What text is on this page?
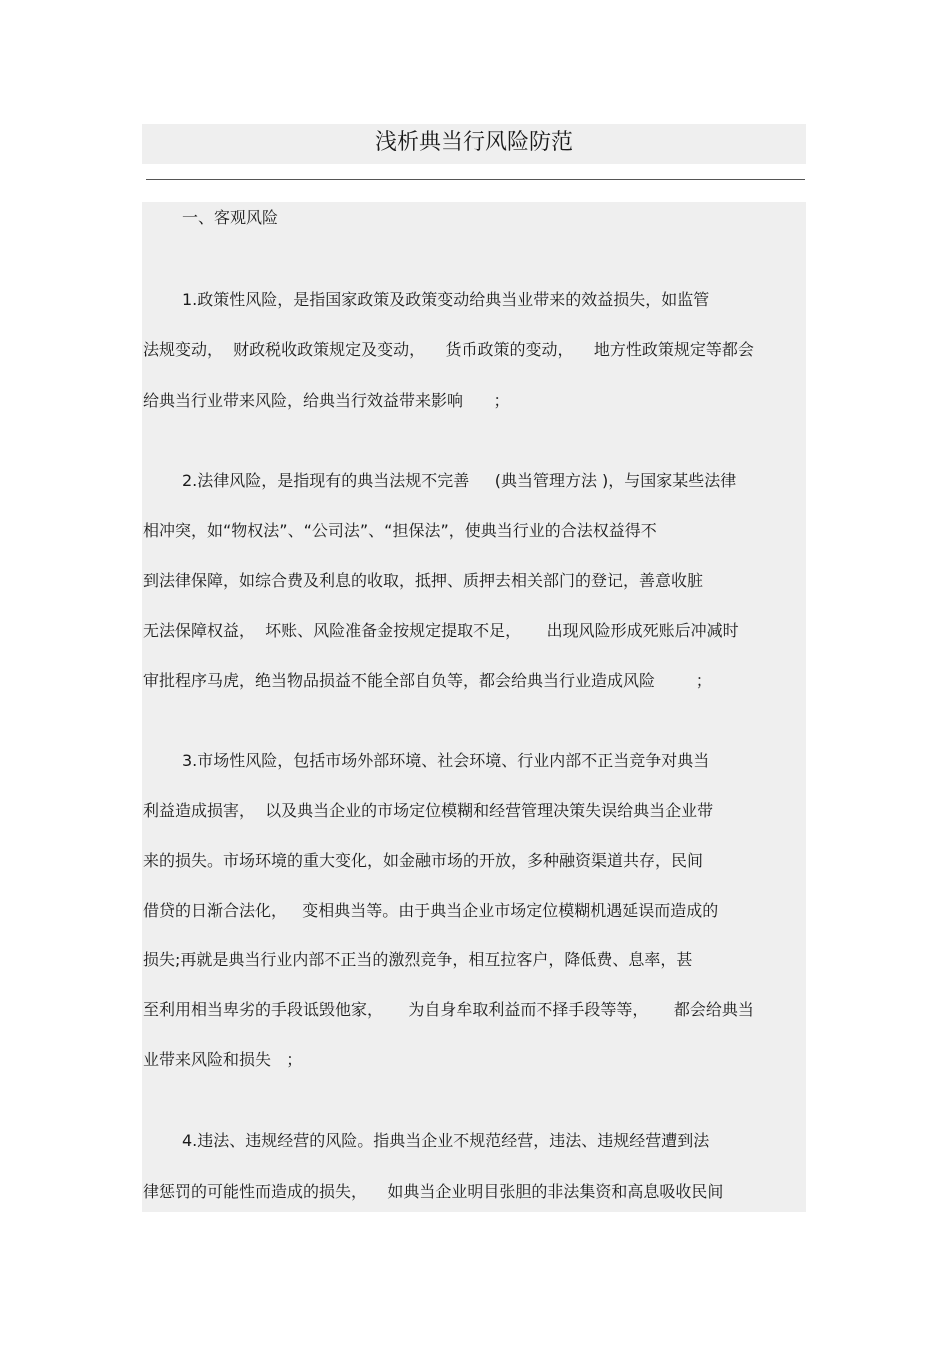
浅析典当行风险防范
一、客观风险
1.政策性风险，是指国家政策及政策变动给典当业带来的效益损失，如监管
法规变动，  财政税收政策规定及变动，    货币政策的变动，    地方性政策规定等都会
给典当行业带来风险，给典当行效益带来影响      ；
2.法律风险，是指现有的典当法规不完善     (典当管理方法 )，与国家某些法律
相冲突，如“物权法”、“公司法”、“担保法”，使典当行业的合法权益得不
到法律保障，如综合费及利息的收取，抵押、质押去相关部门的登记，善意收脏
无法保障权益，  坏账、风险准备金按规定提取不足，     出现风险形成死账后冲减时
审批程序马虎，绝当物品损益不能全部自负等，都会给典当行业造成风险        ；
3.市场性风险，包括市场外部环境、社会环境、行业内部不正当竞争对典当
利益造成损害，  以及典当企业的市场定位模糊和经营管理决策失误给典当企业带
来的损失。市场环境的重大变化，如金融市场的开放，多种融资渠道共存，民间
借贷的日渐合法化，   变相典当等。由于典当企业市场定位模糊机遇延误而造成的
损失;再就是典当行业内部不正当的激烈竞争，相互拉客户，降低费、息率，甚
至利用相当卑劣的手段诋毁他家，     为自身牟取利益而不择手段等等，     都会给典当
业带来风险和损失   ；
4.违法、违规经营的风险。指典当企业不规范经营，违法、违规经营遭到法
律惩罚的可能性而造成的损失，    如典当企业明目张胆的非法集资和高息吸收民间
